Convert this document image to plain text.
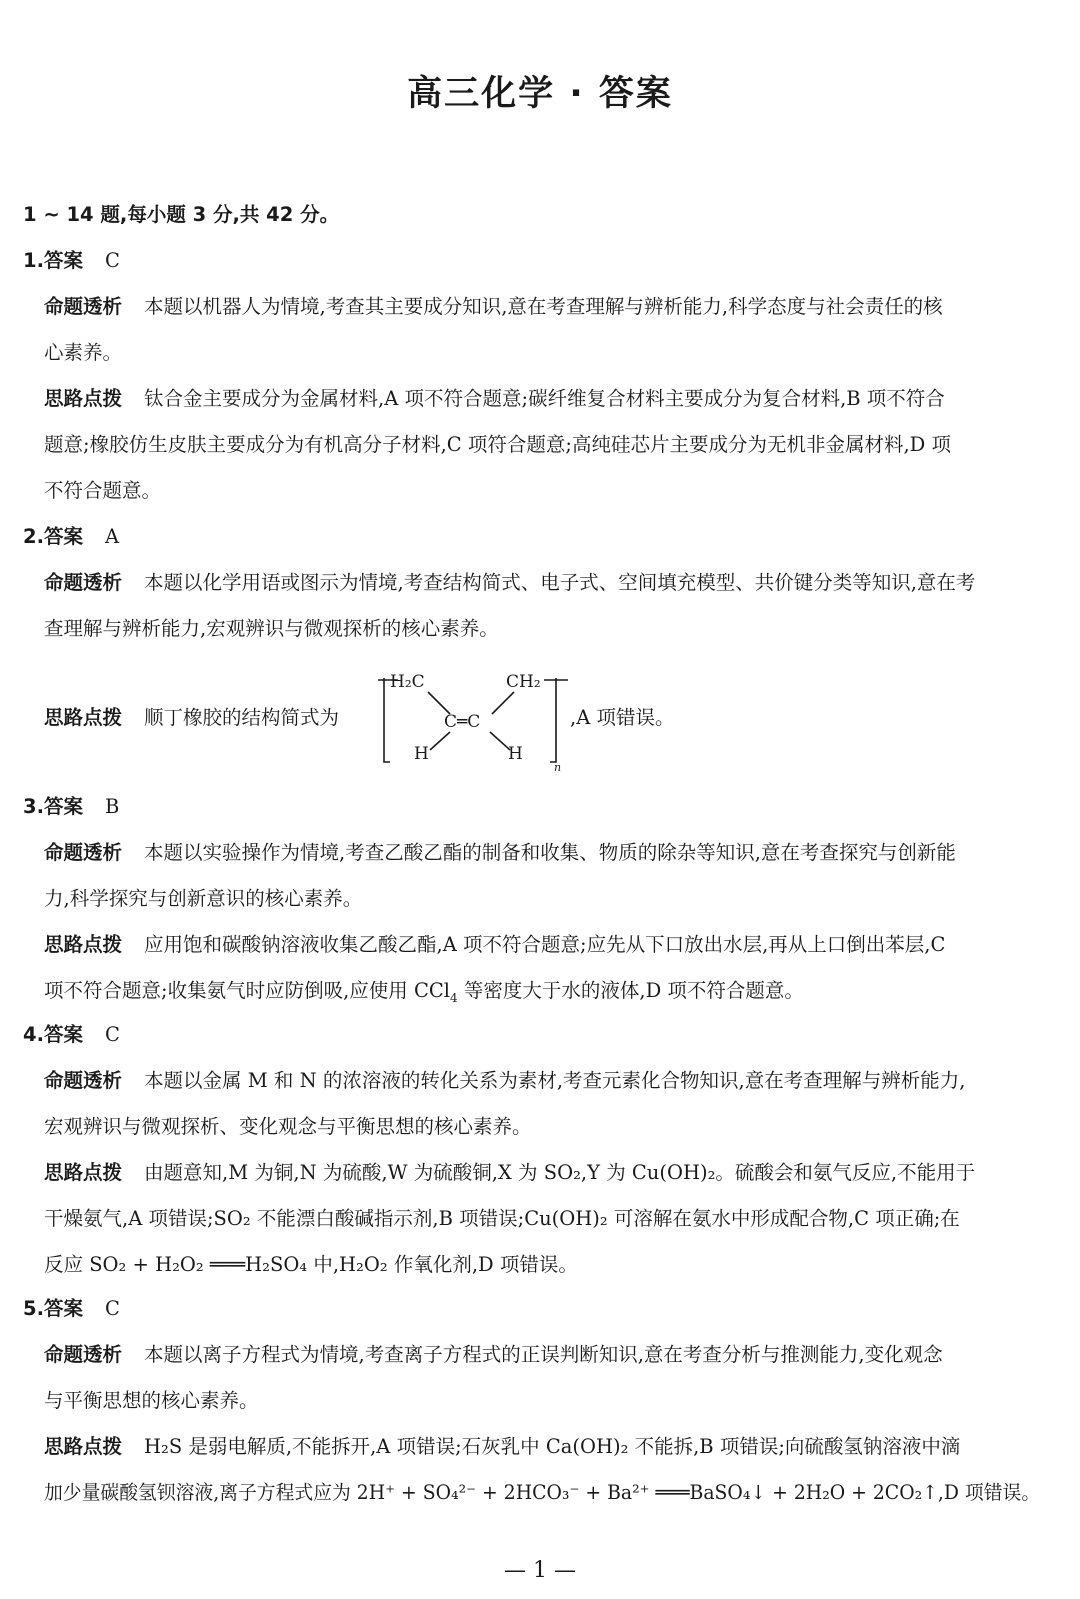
高三化学 · 答案
1 ~ 14 题,每小题 3 分,共 42 分。
1.答案 C
命题透析 本题以机器人为情境,考查其主要成分知识,意在考查理解与辨析能力,科学态度与社会责任的核
心素养。
思路点拨 钛合金主要成分为金属材料,A 项不符合题意;碳纤维复合材料主要成分为复合材料,B 项不符合
题意;橡胶仿生皮肤主要成分为有机高分子材料,C 项符合题意;高纯硅芯片主要成分为无机非金属材料,D 项
不符合题意。
2.答案 A
命题透析 本题以化学用语或图示为情境,考查结构简式、电子式、空间填充模型、共价键分类等知识,意在考
查理解与辨析能力,宏观辨识与微观探析的核心素养。
思路点拨 顺丁橡胶的结构简式为
H₂C	CH₂
C═C
H	H
n
,A 项错误。
3.答案 B
命题透析 本题以实验操作为情境,考查乙酸乙酯的制备和收集、物质的除杂等知识,意在考查探究与创新能
力,科学探究与创新意识的核心素养。
思路点拨 应用饱和碳酸钠溶液收集乙酸乙酯,A 项不符合题意;应先从下口放出水层,再从上口倒出苯层,C
项不符合题意;收集氨气时应防倒吸,应使用 CCl$_4$ 等密度大于水的液体,D 项不符合题意。
4.答案 C
命题透析 本题以金属 M 和 N 的浓溶液的转化关系为素材,考查元素化合物知识,意在考查理解与辨析能力,
宏观辨识与微观探析、变化观念与平衡思想的核心素养。
思路点拨 由题意知,M 为铜,N 为硫酸,W 为硫酸铜,X 为 SO₂,Y 为 Cu(OH)₂。硫酸会和氨气反应,不能用于
干燥氨气,A 项错误;SO₂ 不能漂白酸碱指示剂,B 项错误;Cu(OH)₂ 可溶解在氨水中形成配合物,C 项正确;在
反应 SO₂ + H₂O₂ ═══H₂SO₄ 中,H₂O₂ 作氧化剂,D 项错误。
5.答案 C
命题透析 本题以离子方程式为情境,考查离子方程式的正误判断知识,意在考查分析与推测能力,变化观念
与平衡思想的核心素养。
思路点拨 H₂S 是弱电解质,不能拆开,A 项错误;石灰乳中 Ca(OH)₂ 不能拆,B 项错误;向硫酸氢钠溶液中滴
加少量碳酸氢钡溶液,离子方程式应为 2H⁺ + SO₄²⁻ + 2HCO₃⁻ + Ba²⁺ ═══BaSO₄↓ + 2H₂O + 2CO₂↑,D 项错误。
— 1 —
